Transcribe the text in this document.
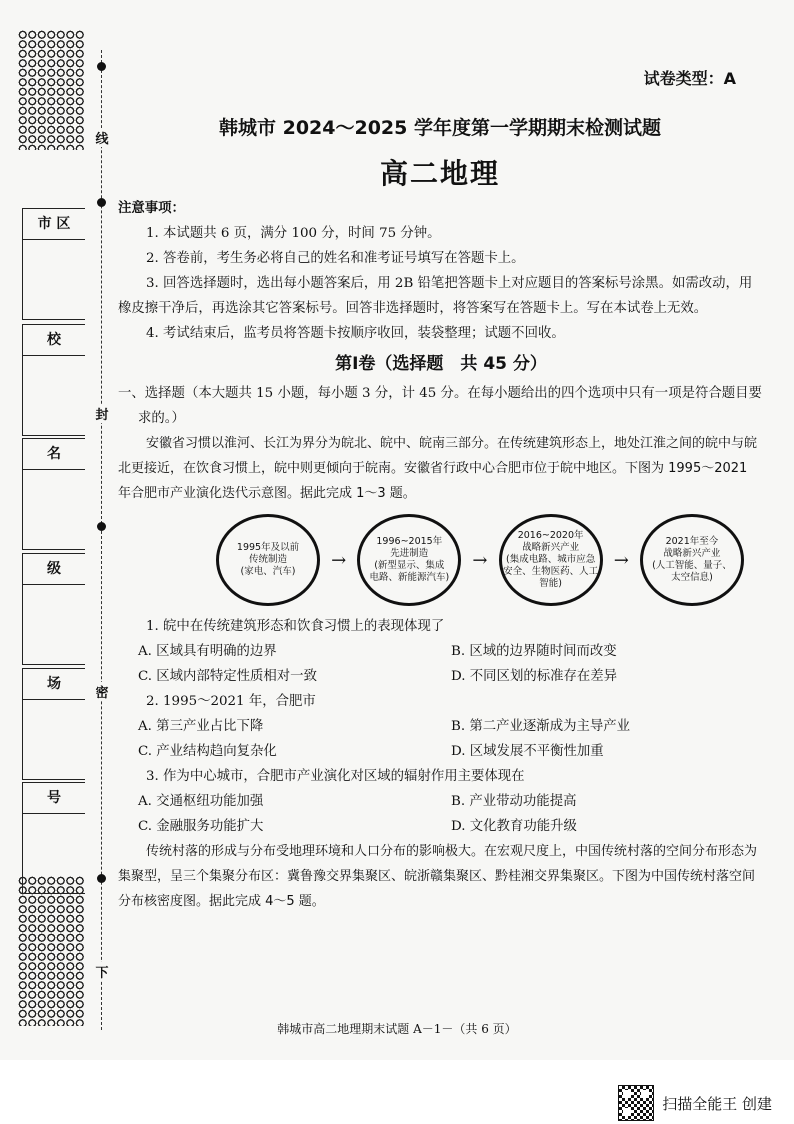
线
封
密
下
市 区
校
名
级
场
号
试卷类型：A
韩城市 2024～2025 学年度第一学期期末检测试题
高二地理

注意事项：

1. 本试题共 6 页，满分 100 分，时间 75 分钟。

2. 答卷前，考生务必将自己的姓名和准考证号填写在答题卡上。

3. 回答选择题时，选出每小题答案后，用 2B 铅笔把答题卡上对应题目的答案标号涂黑。如需改动，用橡皮擦干净后，再选涂其它答案标号。回答非选择题时，将答案写在答题卡上。写在本试卷上无效。

4. 考试结束后，监考员将答题卡按顺序收回，装袋整理；试题不回收。

第Ⅰ卷（选择题　共 45 分）

一、选择题（本大题共 15 小题，每小题 3 分，计 45 分。在每小题给出的四个选项中只有一项是符合题目要求的。）

安徽省习惯以淮河、长江为界分为皖北、皖中、皖南三部分。在传统建筑形态上，地处江淮之间的皖中与皖北更接近，在饮食习惯上，皖中则更倾向于皖南。安徽省行政中心合肥市位于皖中地区。下图为 1995～2021 年合肥市产业演化迭代示意图。据此完成 1～3 题。

1995年及以前
传统制造
(家电、汽车)
→
1996~2015年
先进制造
(新型显示、集成
电路、新能源汽车)
→
2016~2020年
战略新兴产业
(集成电路、城市应急
安全、生物医药、人工智能)
→
2021年至今
战略新兴产业
(人工智能、量子、
太空信息)

1. 皖中在传统建筑形态和饮食习惯上的表现体现了

A. 区域具有明确的边界	B. 区域的边界随时间而改变
C. 区域内部特定性质相对一致	D. 不同区划的标准存在差异

2. 1995～2021 年，合肥市

A. 第三产业占比下降	B. 第二产业逐渐成为主导产业
C. 产业结构趋向复杂化	D. 区域发展不平衡性加重

3. 作为中心城市，合肥市产业演化对区域的辐射作用主要体现在

A. 交通枢纽功能加强	B. 产业带动功能提高
C. 金融服务功能扩大	D. 文化教育功能升级

传统村落的形成与分布受地理环境和人口分布的影响极大。在宏观尺度上，中国传统村落的空间分布形态为集聚型，呈三个集聚分布区：冀鲁豫交界集聚区、皖浙赣集聚区、黔桂湘交界集聚区。下图为中国传统村落空间分布核密度图。据此完成 4～5 题。

韩城市高二地理期末试题 A－1－（共 6 页）
扫描全能王 创建
